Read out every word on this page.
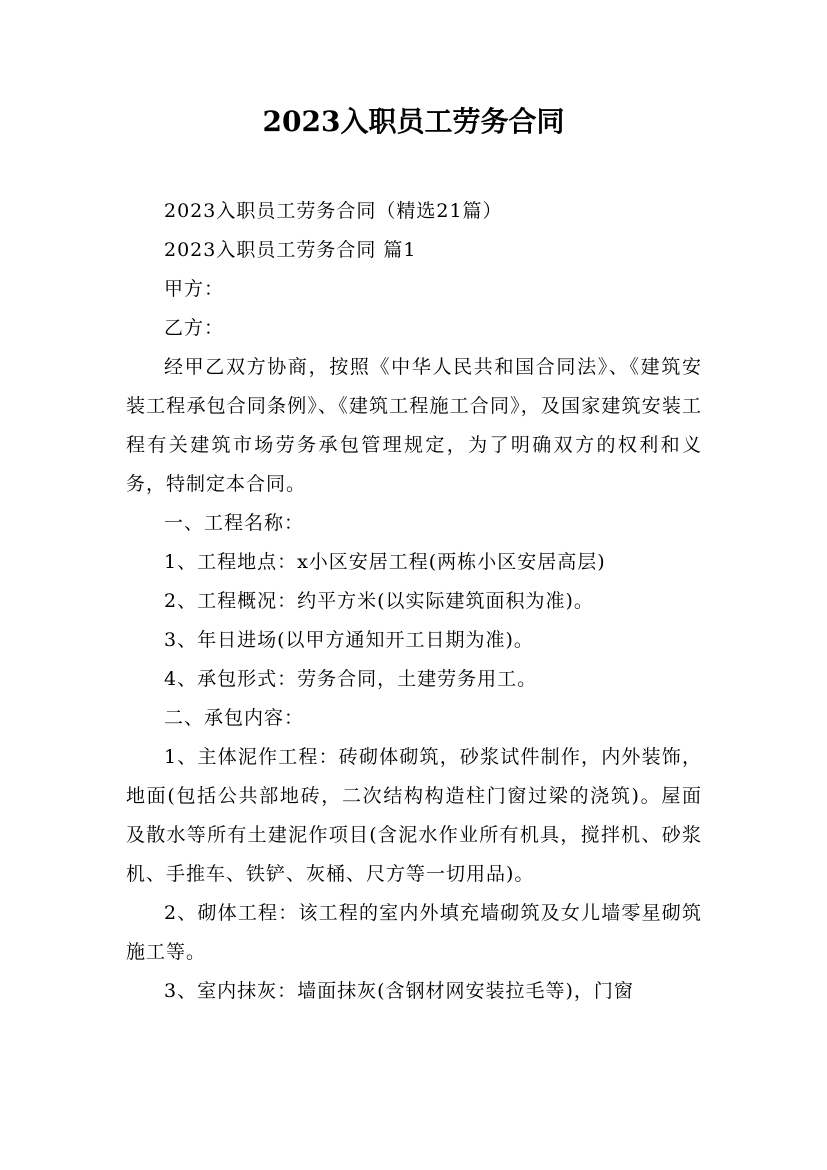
2023入职员工劳务合同

2023入职员工劳务合同（精选21篇）

2023入职员工劳务合同 篇1

甲方：

乙方：

经甲乙双方协商，按照《中华人民共和国合同法》、《建筑安装工程承包合同条例》、《建筑工程施工合同》，及国家建筑安装工程有关建筑市场劳务承包管理规定，为了明确双方的权利和义务，特制定本合同。

一、工程名称：

1、工程地点：x小区安居工程(两栋小区安居高层)

2、工程概况：约平方米(以实际建筑面积为准)。

3、年日进场(以甲方通知开工日期为准)。

4、承包形式：劳务合同，土建劳务用工。

二、承包内容：

1、主体泥作工程：砖砌体砌筑，砂浆试件制作，内外装饰，地面(包括公共部地砖，二次结构构造柱门窗过梁的浇筑)。屋面及散水等所有土建泥作项目(含泥水作业所有机具，搅拌机、砂浆机、手推车、铁铲、灰桶、尺方等一切用品)。

2、砌体工程：该工程的室内外填充墙砌筑及女儿墙零星砌筑施工等。

3、室内抹灰：墙面抹灰(含钢材网安装拉毛等)，门窗
